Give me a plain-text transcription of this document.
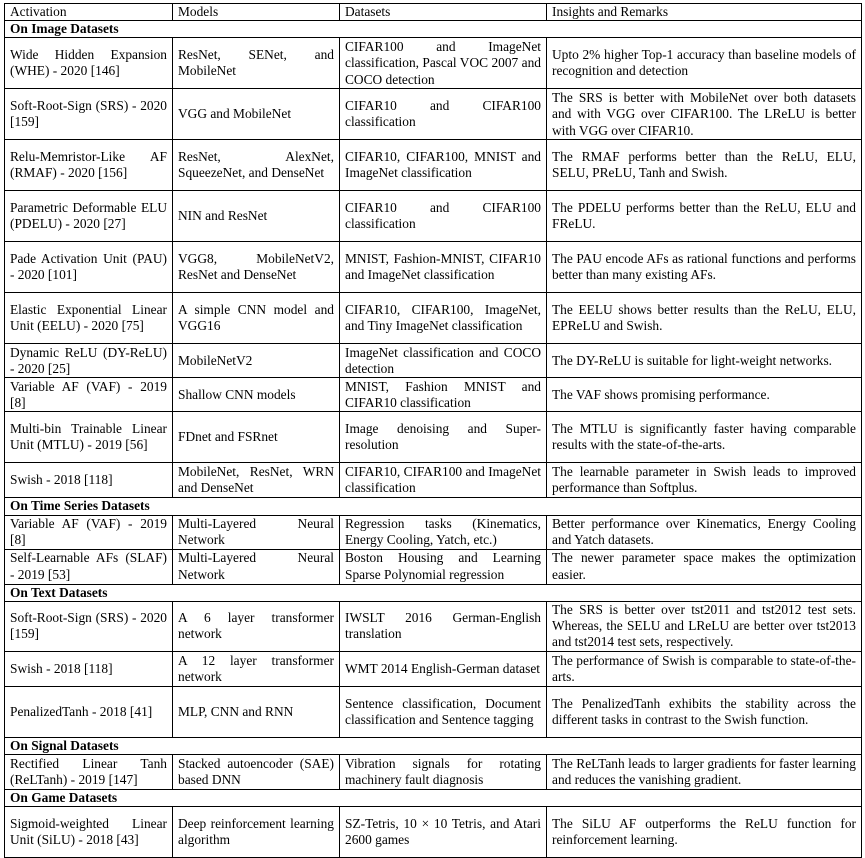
Activation	Models	Datasets	Insights and Remarks
On Image Datasets			
Wide Hidden Expansion (WHE) - 2020 [146]	ResNet, SENet, and MobileNet	CIFAR100 and ImageNet classification, Pascal VOC 2007 and COCO detection	Upto 2% higher Top-1 accuracy than baseline models of recognition and detection
Soft-Root-Sign (SRS) - 2020 [159]	VGG and MobileNet	CIFAR10 and CIFAR100 classification	The SRS is better with MobileNet over both datasets and with VGG over CIFAR100. The LReLU is better with VGG over CIFAR10.
Relu-Memristor-Like AF (RMAF) - 2020 [156]	ResNet, AlexNet, SqueezeNet, and DenseNet	CIFAR10, CIFAR100, MNIST and ImageNet classification	The RMAF performs better than the ReLU, ELU, SELU, PReLU, Tanh and Swish.
Parametric Deformable ELU (PDELU) - 2020 [27]	NIN and ResNet	CIFAR10 and CIFAR100 classification	The PDELU performs better than the ReLU, ELU and FReLU.
Pade Activation Unit (PAU) - 2020 [101]	VGG8, MobileNetV2, ResNet and DenseNet	MNIST, Fashion-MNIST, CIFAR10 and ImageNet classification	The PAU encode AFs as rational functions and performs better than many existing AFs.
Elastic Exponential Linear Unit (EELU) - 2020 [75]	A simple CNN model and VGG16	CIFAR10, CIFAR100, ImageNet, and Tiny ImageNet classification	The EELU shows better results than the ReLU, ELU, EPReLU and Swish.
Dynamic ReLU (DY-ReLU) - 2020 [25]	MobileNetV2	ImageNet classification and COCO detection	The DY-ReLU is suitable for light-weight networks.
Variable AF (VAF) - 2019 [8]	Shallow CNN models	MNIST, Fashion MNIST and CIFAR10 classification	The VAF shows promising performance.
Multi-bin Trainable Linear Unit (MTLU) - 2019 [56]	FDnet and FSRnet	Image denoising and Super-resolution	The MTLU is significantly faster having comparable results with the state-of-the-arts.
Swish - 2018 [118]	MobileNet, ResNet, WRN and DenseNet	CIFAR10, CIFAR100 and ImageNet classification	The learnable parameter in Swish leads to improved performance than Softplus.
On Time Series Datasets			
Variable AF (VAF) - 2019 [8]	Multi-Layered Neural Network	Regression tasks (Kinematics, Energy Cooling, Yatch, etc.)	Better performance over Kinematics, Energy Cooling and Yatch datasets.
Self-Learnable AFs (SLAF) - 2019 [53]	Multi-Layered Neural Network	Boston Housing and Learning Sparse Polynomial regression	The newer parameter space makes the optimization easier.
On Text Datasets			
Soft-Root-Sign (SRS) - 2020 [159]	A 6 layer transformer network	IWSLT 2016 German-English translation	The SRS is better over tst2011 and tst2012 test sets. Whereas, the SELU and LReLU are better over tst2013 and tst2014 test sets, respectively.
Swish - 2018 [118]	A 12 layer transformer network	WMT 2014 English-German dataset	The performance of Swish is comparable to state-of-the-arts.
PenalizedTanh - 2018 [41]	MLP, CNN and RNN	Sentence classification, Document classification and Sentence tagging	The PenalizedTanh exhibits the stability across the different tasks in contrast to the Swish function.
On Signal Datasets			
Rectified Linear Tanh (ReLTanh) - 2019 [147]	Stacked autoencoder (SAE) based DNN	Vibration signals for rotating machinery fault diagnosis	The ReLTanh leads to larger gradients for faster learning and reduces the vanishing gradient.
On Game Datasets			
Sigmoid-weighted Linear Unit (SiLU) - 2018 [43]	Deep reinforcement learning algorithm	SZ-Tetris, 10 × 10 Tetris, and Atari 2600 games	The SiLU AF outperforms the ReLU function for reinforcement learning.
